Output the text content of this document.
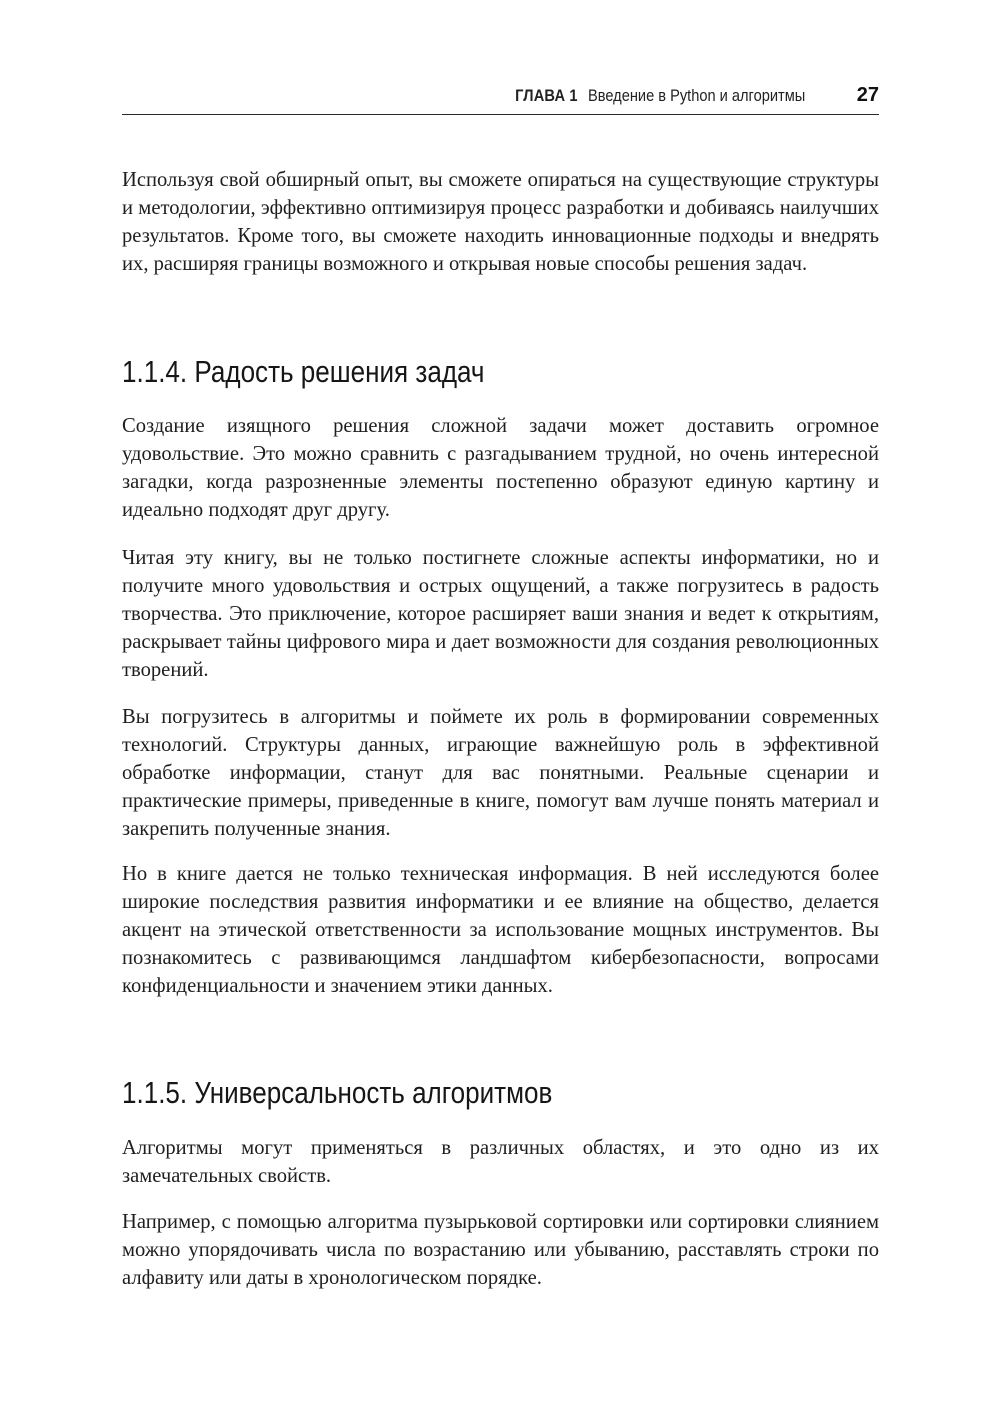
ГЛАВА 1 Введение в Python и алгоритмы	27

Используя свой обширный опыт, вы сможете опираться на существующие структуры и методологии, эффективно оптимизируя процесс разработки и добиваясь наилучших результатов. Кроме того, вы сможете находить инновационные подходы и внедрять их, расширяя границы возможного и открывая новые способы решения задач.

1.1.4. Радость решения задач

Создание изящного решения сложной задачи может доставить огромное удовольствие. Это можно сравнить с разгадыванием трудной, но очень интересной загадки, когда разрозненные элементы постепенно образуют единую картину и идеально подходят друг другу.

Читая эту книгу, вы не только постигнете сложные аспекты информатики, но и получите много удовольствия и острых ощущений, а также погрузитесь в радость творчества. Это приключение, которое расширяет ваши знания и ведет к открытиям, раскрывает тайны цифрового мира и дает возможности для создания революционных творений.

Вы погрузитесь в алгоритмы и поймете их роль в формировании современных технологий. Структуры данных, играющие важнейшую роль в эффективной обработке информации, станут для вас понятными. Реальные сценарии и практические примеры, приведенные в книге, помогут вам лучше понять материал и закрепить полученные знания.

Но в книге дается не только техническая информация. В ней исследуются более широкие последствия развития информатики и ее влияние на общество, делается акцент на этической ответственности за использование мощных инструментов. Вы познакомитесь с развивающимся ландшафтом кибербезопасности, вопросами конфиденциальности и значением этики данных.

1.1.5. Универсальность алгоритмов

Алгоритмы могут применяться в различных областях, и это одно из их замечательных свойств.

Например, с помощью алгоритма пузырьковой сортировки или сортировки слиянием можно упорядочивать числа по возрастанию или убыванию, расставлять строки по алфавиту или даты в хронологическом порядке.
